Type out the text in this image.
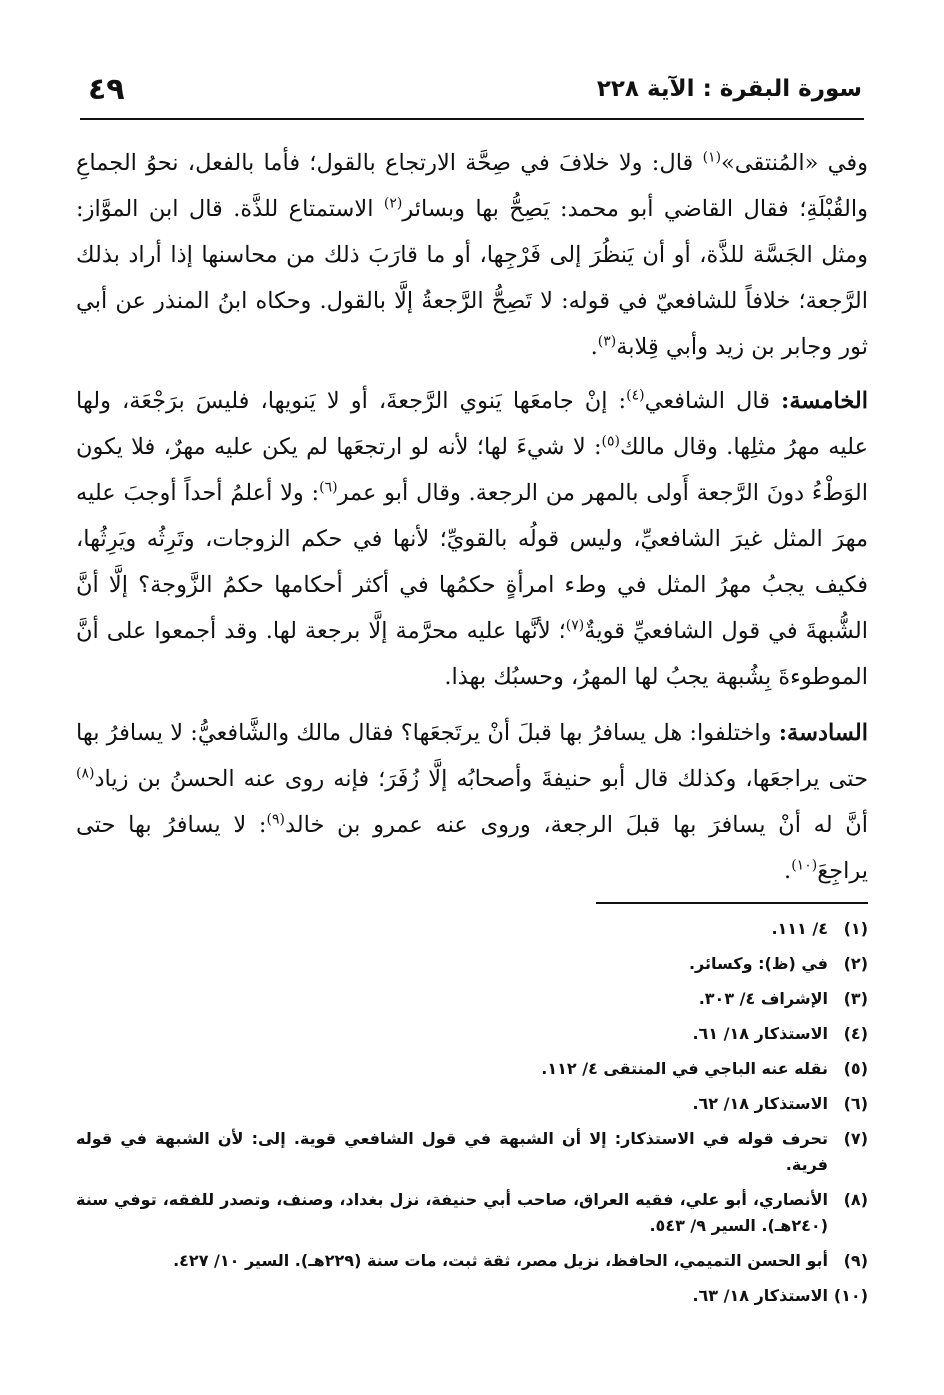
سورة البقرة : الآية ٢٢٨
٤٩

وفي «المُنتقى»$^{(١)}$ قال: ولا خلافَ في صِحَّة الارتجاع بالقول؛ فأما بالفعل، نحوُ الجماعِ والقُبْلَةِ؛ فقال القاضي أبو محمد: يَصِحُّ بها وبسائر$^{(٢)}$ الاستمتاع للذَّة. قال ابن الموَّاز: ومثل الجَسَّة للذَّة، أو أن يَنظُرَ إلى فَرْجِها، أو ما قارَبَ ذلك من محاسنها إذا أراد بذلك الرَّجعة؛ خلافاً للشافعيّ في قوله: لا تَصِحُّ الرَّجعةُ إلَّا بالقول. وحكاه ابنُ المنذر عن أبي ثور وجابر بن زيد وأبي قِلابة$^{(٣)}$.

الخامسة: قال الشافعي$^{(٤)}$: إنْ جامعَها يَنوي الرَّجعةَ، أو لا يَنويها، فليسَ برَجْعَة، ولها عليه مهرُ مثلِها. وقال مالك$^{(٥)}$: لا شيءَ لها؛ لأنه لو ارتجعَها لم يكن عليه مهرٌ، فلا يكون الوَطْءُ دونَ الرَّجعة أَولى بالمهر من الرجعة. وقال أبو عمر$^{(٦)}$: ولا أعلمُ أحداً أوجبَ عليه مهرَ المثل غيرَ الشافعيِّ، وليس قولُه بالقويِّ؛ لأنها في حكم الزوجات، وتَرِثُه ويَرِثُها، فكيف يجبُ مهرُ المثل في وطء امرأةٍ حكمُها في أكثر أحكامها حكمُ الزَّوجة؟ إلَّا أنَّ الشُّبهةَ في قول الشافعيِّ قويةٌ$^{(٧)}$؛ لأنَّها عليه محرَّمة إلَّا برجعة لها. وقد أجمعوا على أنَّ الموطوءةَ بِشُبهة يجبُ لها المهرُ، وحسبُك بهذا.

السادسة: واختلفوا: هل يسافرُ بها قبلَ أنْ يرتَجعَها؟ فقال مالك والشَّافعيُّ: لا يسافرُ بها حتى يراجعَها، وكذلك قال أبو حنيفةَ وأصحابُه إلَّا زُفَرَ؛ فإنه روى عنه الحسنُ بن زياد$^{(٨)}$ أنَّ له أنْ يسافرَ بها قبلَ الرجعة، وروى عنه عمرو بن خالد$^{(٩)}$: لا يسافرُ بها حتى يراجِعَ$^{(١٠)}$.

(١)
٤/ ١١١.
(٢)
في (ظ): وكسائر.
(٣)
الإشراف ٤/ ٣٠٣.
(٤)
الاستذكار ١٨/ ٦١.
(٥)
نقله عنه الباجي في المنتقى ٤/ ١١٢.
(٦)
الاستذكار ١٨/ ٦٢.
(٧)
تحرف قوله في الاستذكار: إلا أن الشبهة في قول الشافعي قوية. إلى: لأن الشبهة في قوله فرية.
(٨)
الأنصاري، أبو علي، فقيه العراق، صاحب أبي حنيفة، نزل بغداد، وصنف، وتصدر للفقه، توفي سنة (٢٤٠هـ). السير ٩/ ٥٤٣.
(٩)
أبو الحسن التميمي، الحافظ، نزيل مصر، ثقة ثبت، مات سنة (٢٢٩هـ). السير ١٠/ ٤٢٧.
(١٠)
الاستذكار ١٨/ ٦٣.
